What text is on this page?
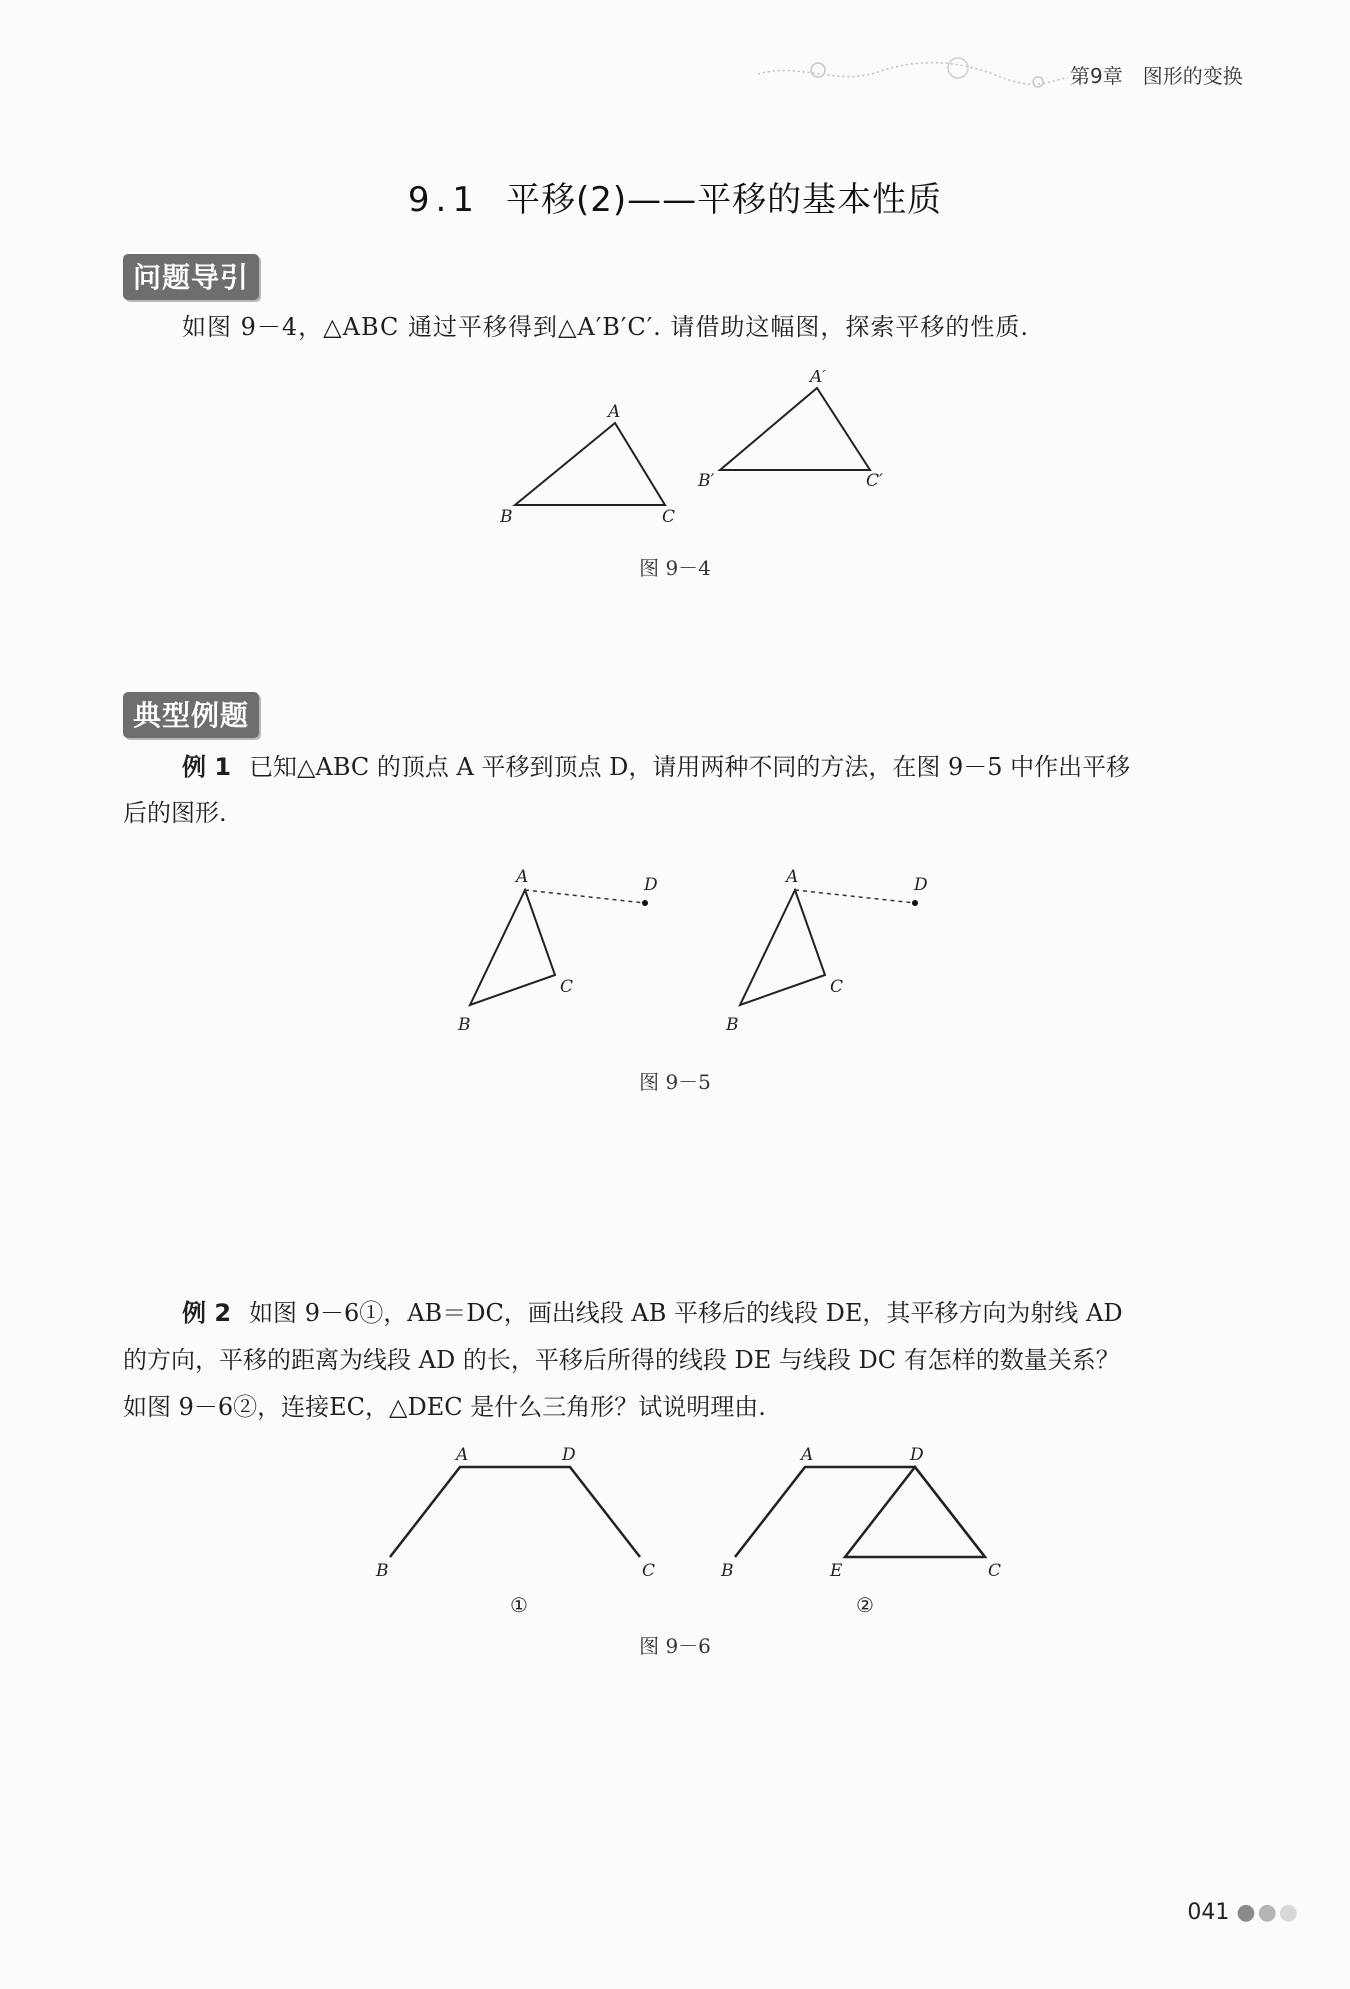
第9章　图形的变换
9.1 平移(2)——平移的基本性质
问题导引
如图 9－4，△ABC 通过平移得到△A′B′C′. 请借助这幅图，探索平移的性质.
A
B	C
A′
B′	C′
图 9－4
典型例题
例 1 已知△ABC 的顶点 A 平移到顶点 D，请用两种不同的方法，在图 9－5 中作出平移
后的图形.
A
B
C
D	A
B
C
D
图 9－5
例 2 如图 9－6①，AB＝DC，画出线段 AB 平移后的线段 DE，其平移方向为射线 AD
的方向，平移的距离为线段 AD 的长，平移后所得的线段 DE 与线段 DC 有怎样的数量关系？
如图 9－6②，连接EC，△DEC 是什么三角形？试说明理由.
A	D
B	C
A	D
B	E	C
①	②
图 9－6
041 ●●●
